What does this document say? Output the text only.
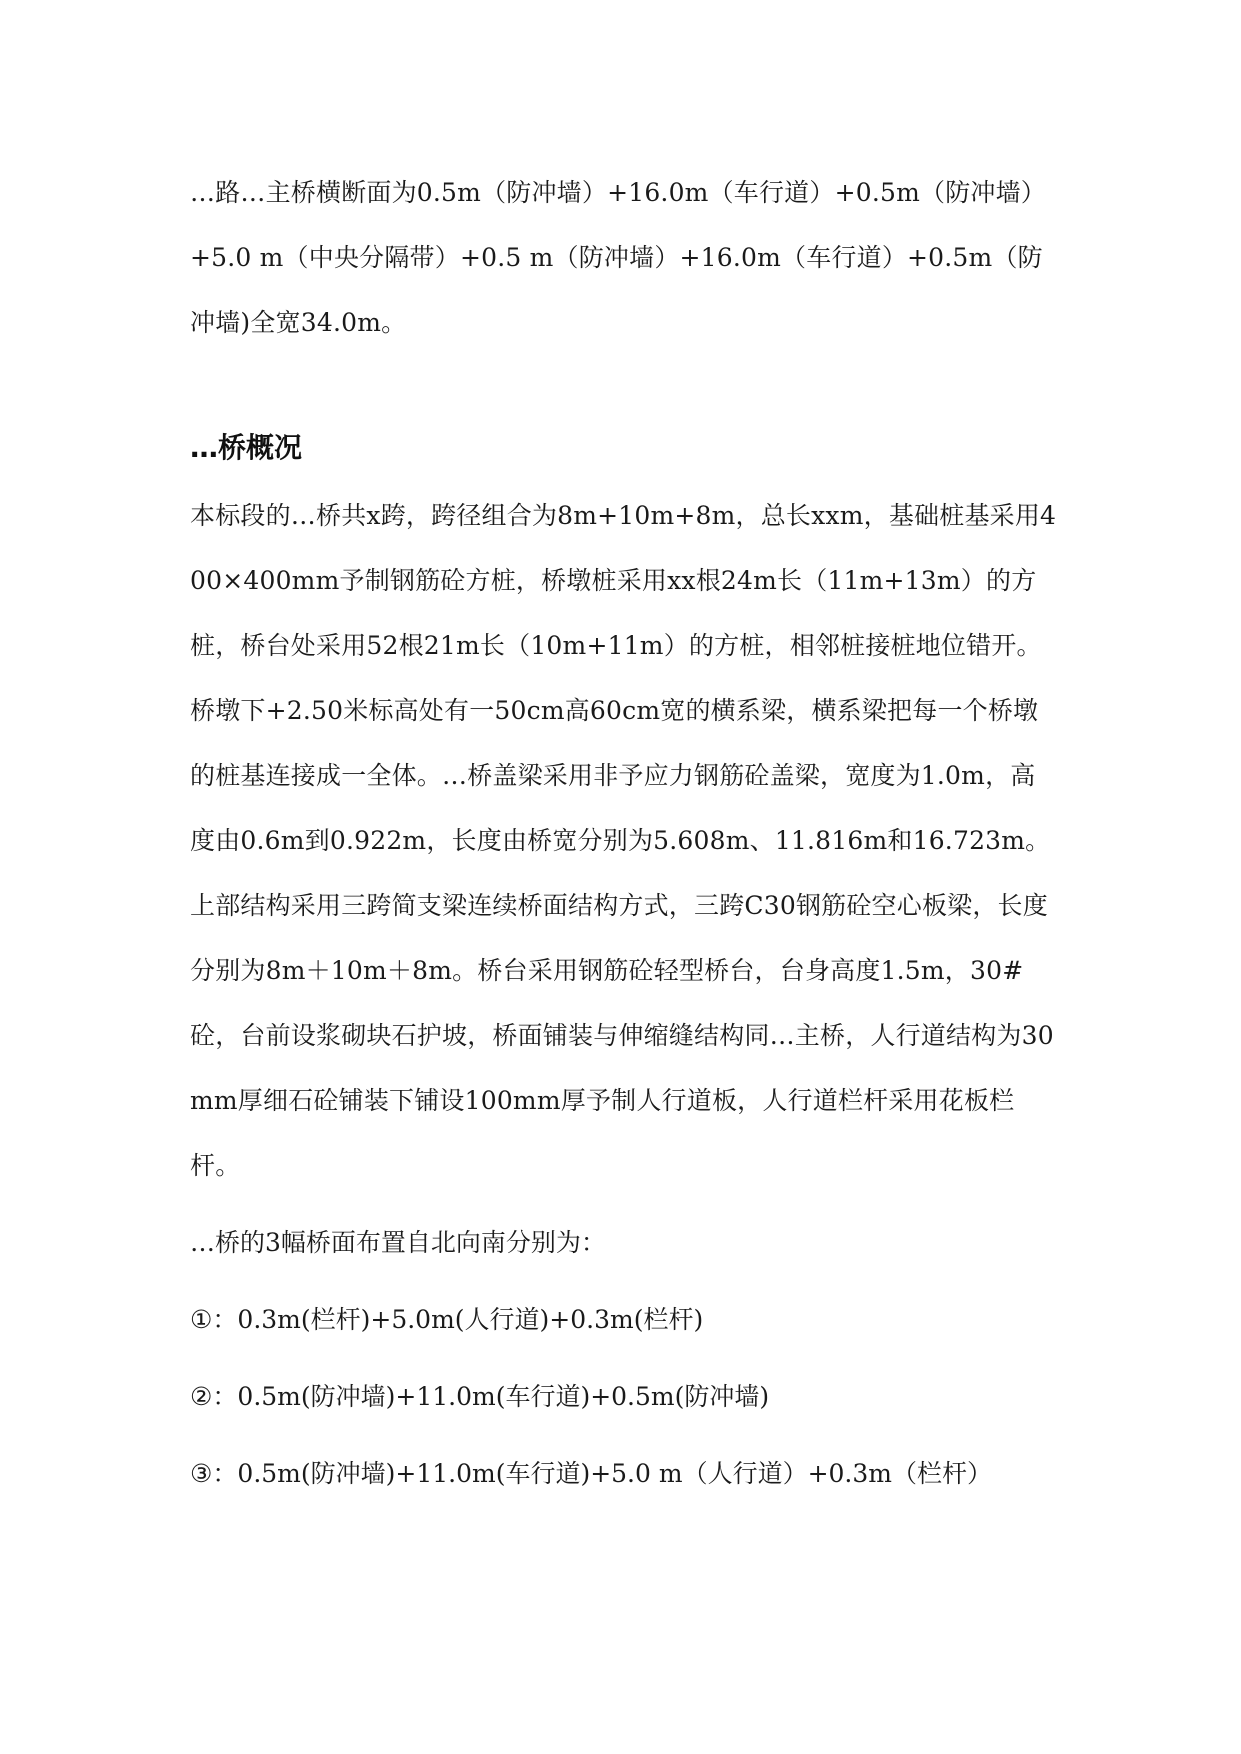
…路…主桥横断面为0.5m（防冲墙）+16.0m（车行道）+0.5m（防冲墙）+5.0 m（中央分隔带）+0.5 m（防冲墙）+16.0m（车行道）+0.5m（防冲墙)全宽34.0m。

…桥概况

本标段的…桥共x跨，跨径组合为8m+10m+8m，总长xxm，基础桩基采用400×400mm予制钢筋砼方桩，桥墩桩采用xx根24m长（11m+13m）的方桩，桥台处采用52根21m长（10m+11m）的方桩，相邻桩接桩地位错开。桥墩下+2.50米标高处有一50cm高60cm宽的横系梁，横系梁把每一个桥墩的桩基连接成一全体。…桥盖梁采用非予应力钢筋砼盖梁，宽度为1.0m，高度由0.6m到0.922m，长度由桥宽分别为5.608m、11.816m和16.723m。上部结构采用三跨简支梁连续桥面结构方式，三跨C30钢筋砼空心板梁，长度分别为8m＋10m＋8m。桥台采用钢筋砼轻型桥台，台身高度1.5m，30#砼，台前设浆砌块石护坡，桥面铺装与伸缩缝结构同…主桥，人行道结构为30mm厚细石砼铺装下铺设100mm厚予制人行道板，人行道栏杆采用花板栏杆。

…桥的3幅桥面布置自北向南分别为：

①：0.3m(栏杆)+5.0m(人行道)+0.3m(栏杆)

②：0.5m(防冲墙)+11.0m(车行道)+0.5m(防冲墙)

③：0.5m(防冲墙)+11.0m(车行道)+5.0 m（人行道）+0.3m（栏杆）
